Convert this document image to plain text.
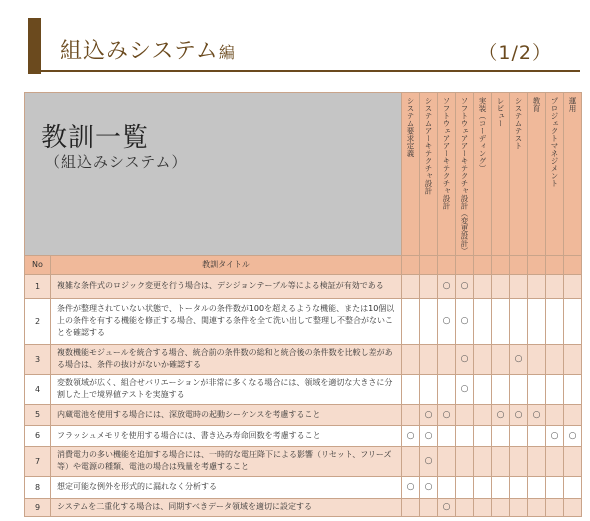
組込みシステム編	（1/2）
教訓一覧
（組込みシステム）		システム要求定義	システムアーキテクチャ設計	ソフトウェアアーキテクチャ設計	ソフトウェアアーキテクチャ設計（変更設計）	実装（コーディング）	レビュー	システムテスト	教育	プロジェクトマネジメント	運用

No	教訓タイトル										
1	複雑な条件式のロジック変更を行う場合は、デシジョンテーブル等による検証が有効である			○	○						
2	条件が整理されていない状態で、トータルの条件数が100を超えるような機能、または10個以上の条件を有する機能を修正する場合、関連する条件を全て洗い出して整理し不整合がないことを確認する			○	○						
3	複数機能モジュールを統合する場合、統合前の条件数の総和と統合後の条件数を比較し差がある場合は、条件の抜けがないか確認する				○			○			
4	変数領域が広く、組合せバリエーションが非常に多くなる場合には、領域を適切な大きさに分割した上で境界値テストを実施する				○						
5	内蔵電池を使用する場合には、深放電時の起動シーケンスを考慮すること		○	○			○	○	○		
6	フラッシュメモリを使用する場合には、書き込み寿命回数を考慮すること	○	○							○	○
7	消費電力の多い機能を追加する場合には、一時的な電圧降下による影響（リセット、フリーズ等）や電源の種類、電池の場合は残量を考慮すること		○								
8	想定可能な例外を形式的に漏れなく分析する	○	○								
9	システムを二重化する場合は、同期すべきデータ領域を適切に設定する			○							
